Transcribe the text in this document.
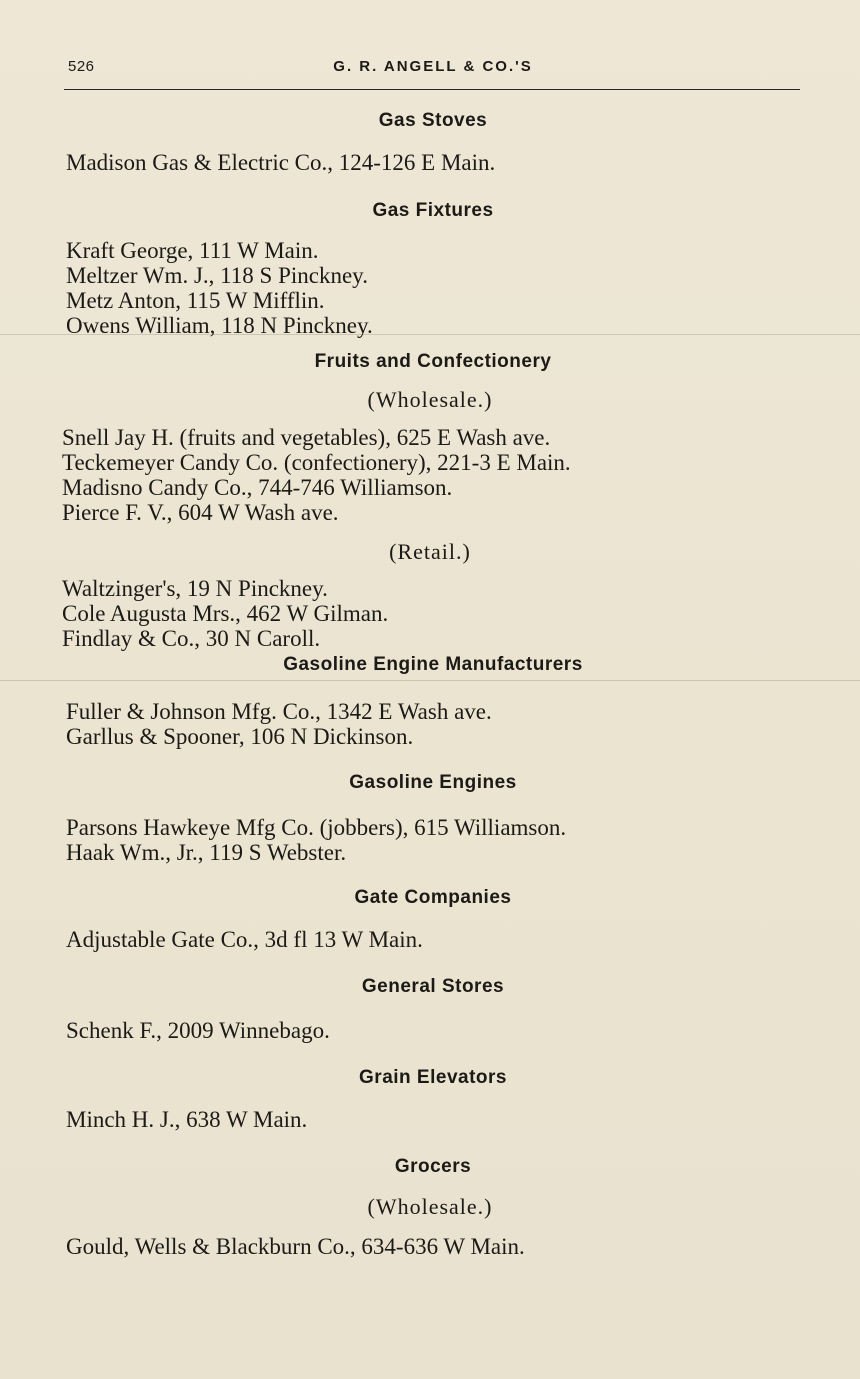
526	G. R. ANGELL & CO.'S
Gas Stoves

Madison Gas & Electric Co., 124-126 E Main.

Gas Fixtures

Kraft George, 111 W Main.

Meltzer Wm. J., 118 S Pinckney.

Metz Anton, 115 W Mifflin.

Owens William, 118 N Pinckney.

Fruits and Confectionery

(Wholesale.)

Snell Jay H. (fruits and vegetables), 625 E Wash ave.

Teckemeyer Candy Co. (confectionery), 221-3 E Main.

Madisno Candy Co., 744-746 Williamson.

Pierce F. V., 604 W Wash ave.

(Retail.)

Waltzinger's, 19 N Pinckney.

Cole Augusta Mrs., 462 W Gilman.

Findlay & Co., 30 N Caroll.

Gasoline Engine Manufacturers

Fuller & Johnson Mfg. Co., 1342 E Wash ave.

Garllus & Spooner, 106 N Dickinson.

Gasoline Engines

Parsons Hawkeye Mfg Co. (jobbers), 615 Williamson.

Haak Wm., Jr., 119 S Webster.

Gate Companies

Adjustable Gate Co., 3d fl 13 W Main.

General Stores

Schenk F., 2009 Winnebago.

Grain Elevators

Minch H. J., 638 W Main.

Grocers

(Wholesale.)

Gould, Wells & Blackburn Co., 634-636 W Main.
